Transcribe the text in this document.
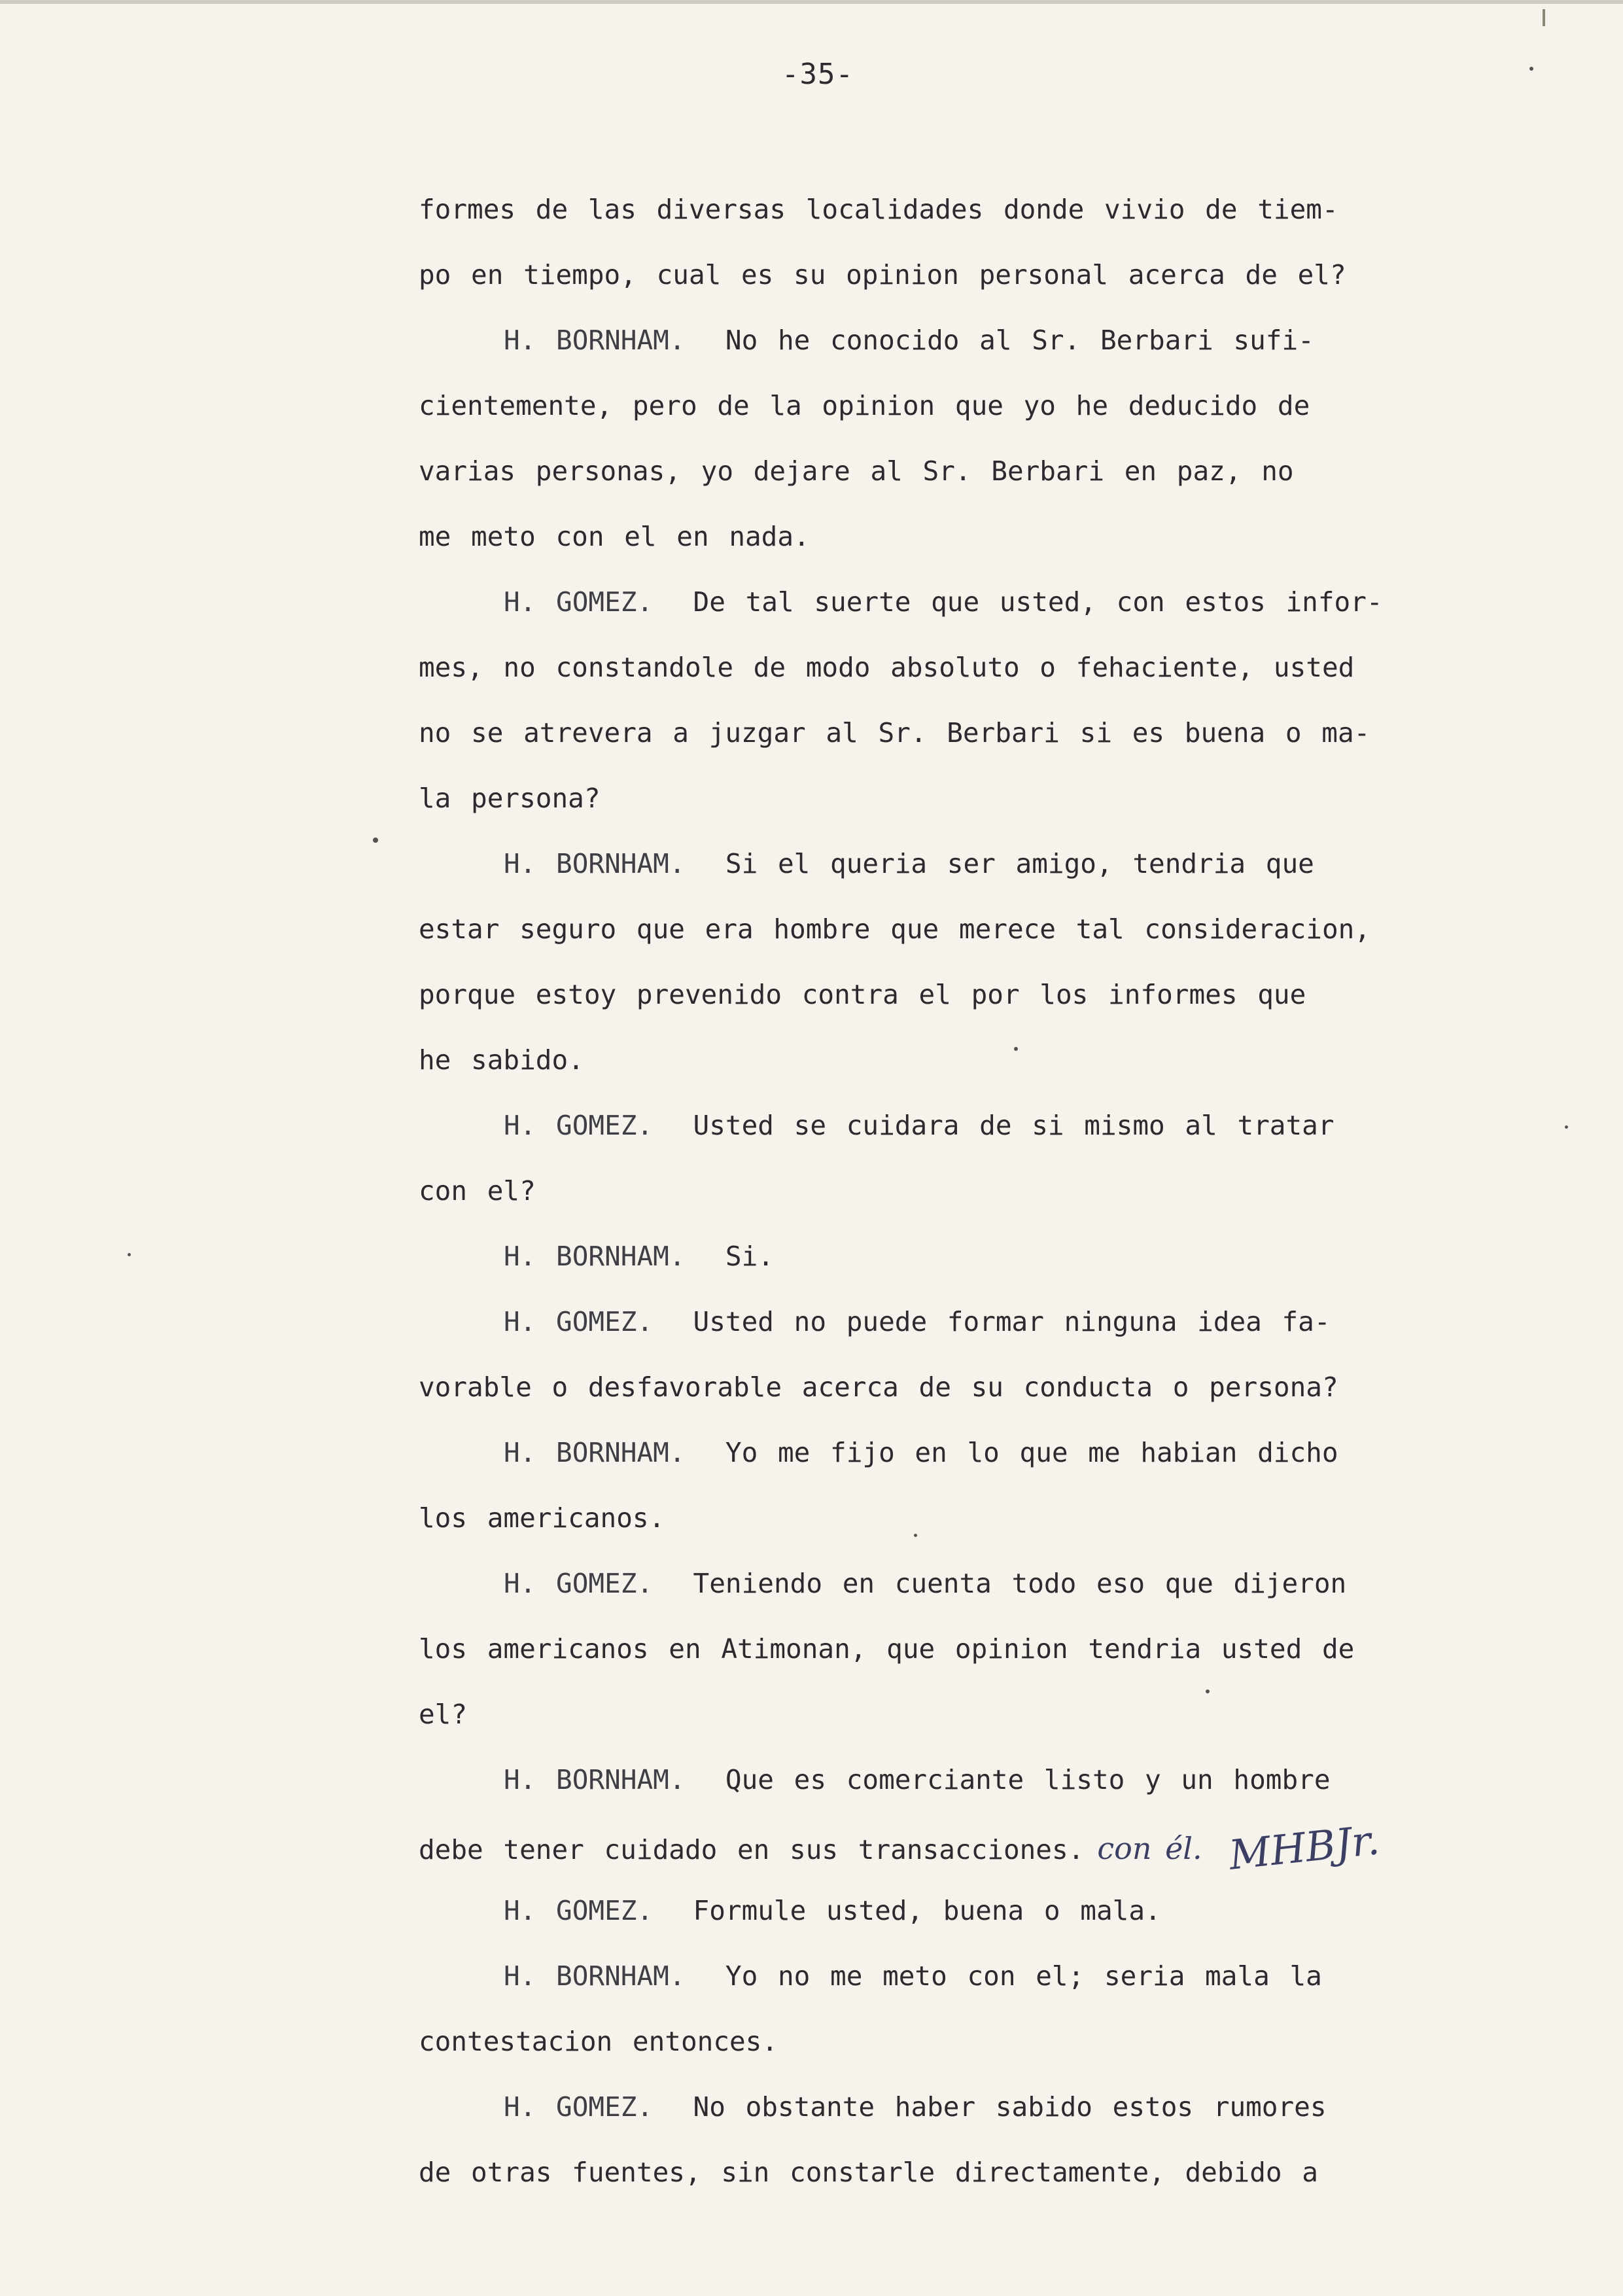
-35-
formes de las diversas localidades donde vivio de tiem-
po en tiempo, cual es su opinion personal acerca de el?
H. BORNHAM. No he conocido al Sr. Berbari sufi-
cientemente, pero de la opinion que yo he deducido de
varias personas, yo dejare al Sr. Berbari en paz, no
me meto con el en nada.
H. GOMEZ. De tal suerte que usted, con estos infor-
mes, no constandole de modo absoluto o fehaciente, usted
no se atrevera a juzgar al Sr. Berbari si es buena o ma-
la persona?
H. BORNHAM. Si el queria ser amigo, tendria que
estar seguro que era hombre que merece tal consideracion,
porque estoy prevenido contra el por los informes que
he sabido.
H. GOMEZ. Usted se cuidara de si mismo al tratar
con el?
H. BORNHAM. Si.
H. GOMEZ. Usted no puede formar ninguna idea fa-
vorable o desfavorable acerca de su conducta o persona?
H. BORNHAM. Yo me fijo en lo que me habian dicho
los americanos.
H. GOMEZ. Teniendo en cuenta todo eso que dijeron
los americanos en Atimonan, que opinion tendria usted de
el?
H. BORNHAM. Que es comerciante listo y un hombre
debe tener cuidado en sus transacciones. con él. MHBJr.
H. GOMEZ. Formule usted, buena o mala.
H. BORNHAM. Yo no me meto con el; seria mala la
contestacion entonces.
H. GOMEZ. No obstante haber sabido estos rumores
de otras fuentes, sin constarle directamente, debido a
